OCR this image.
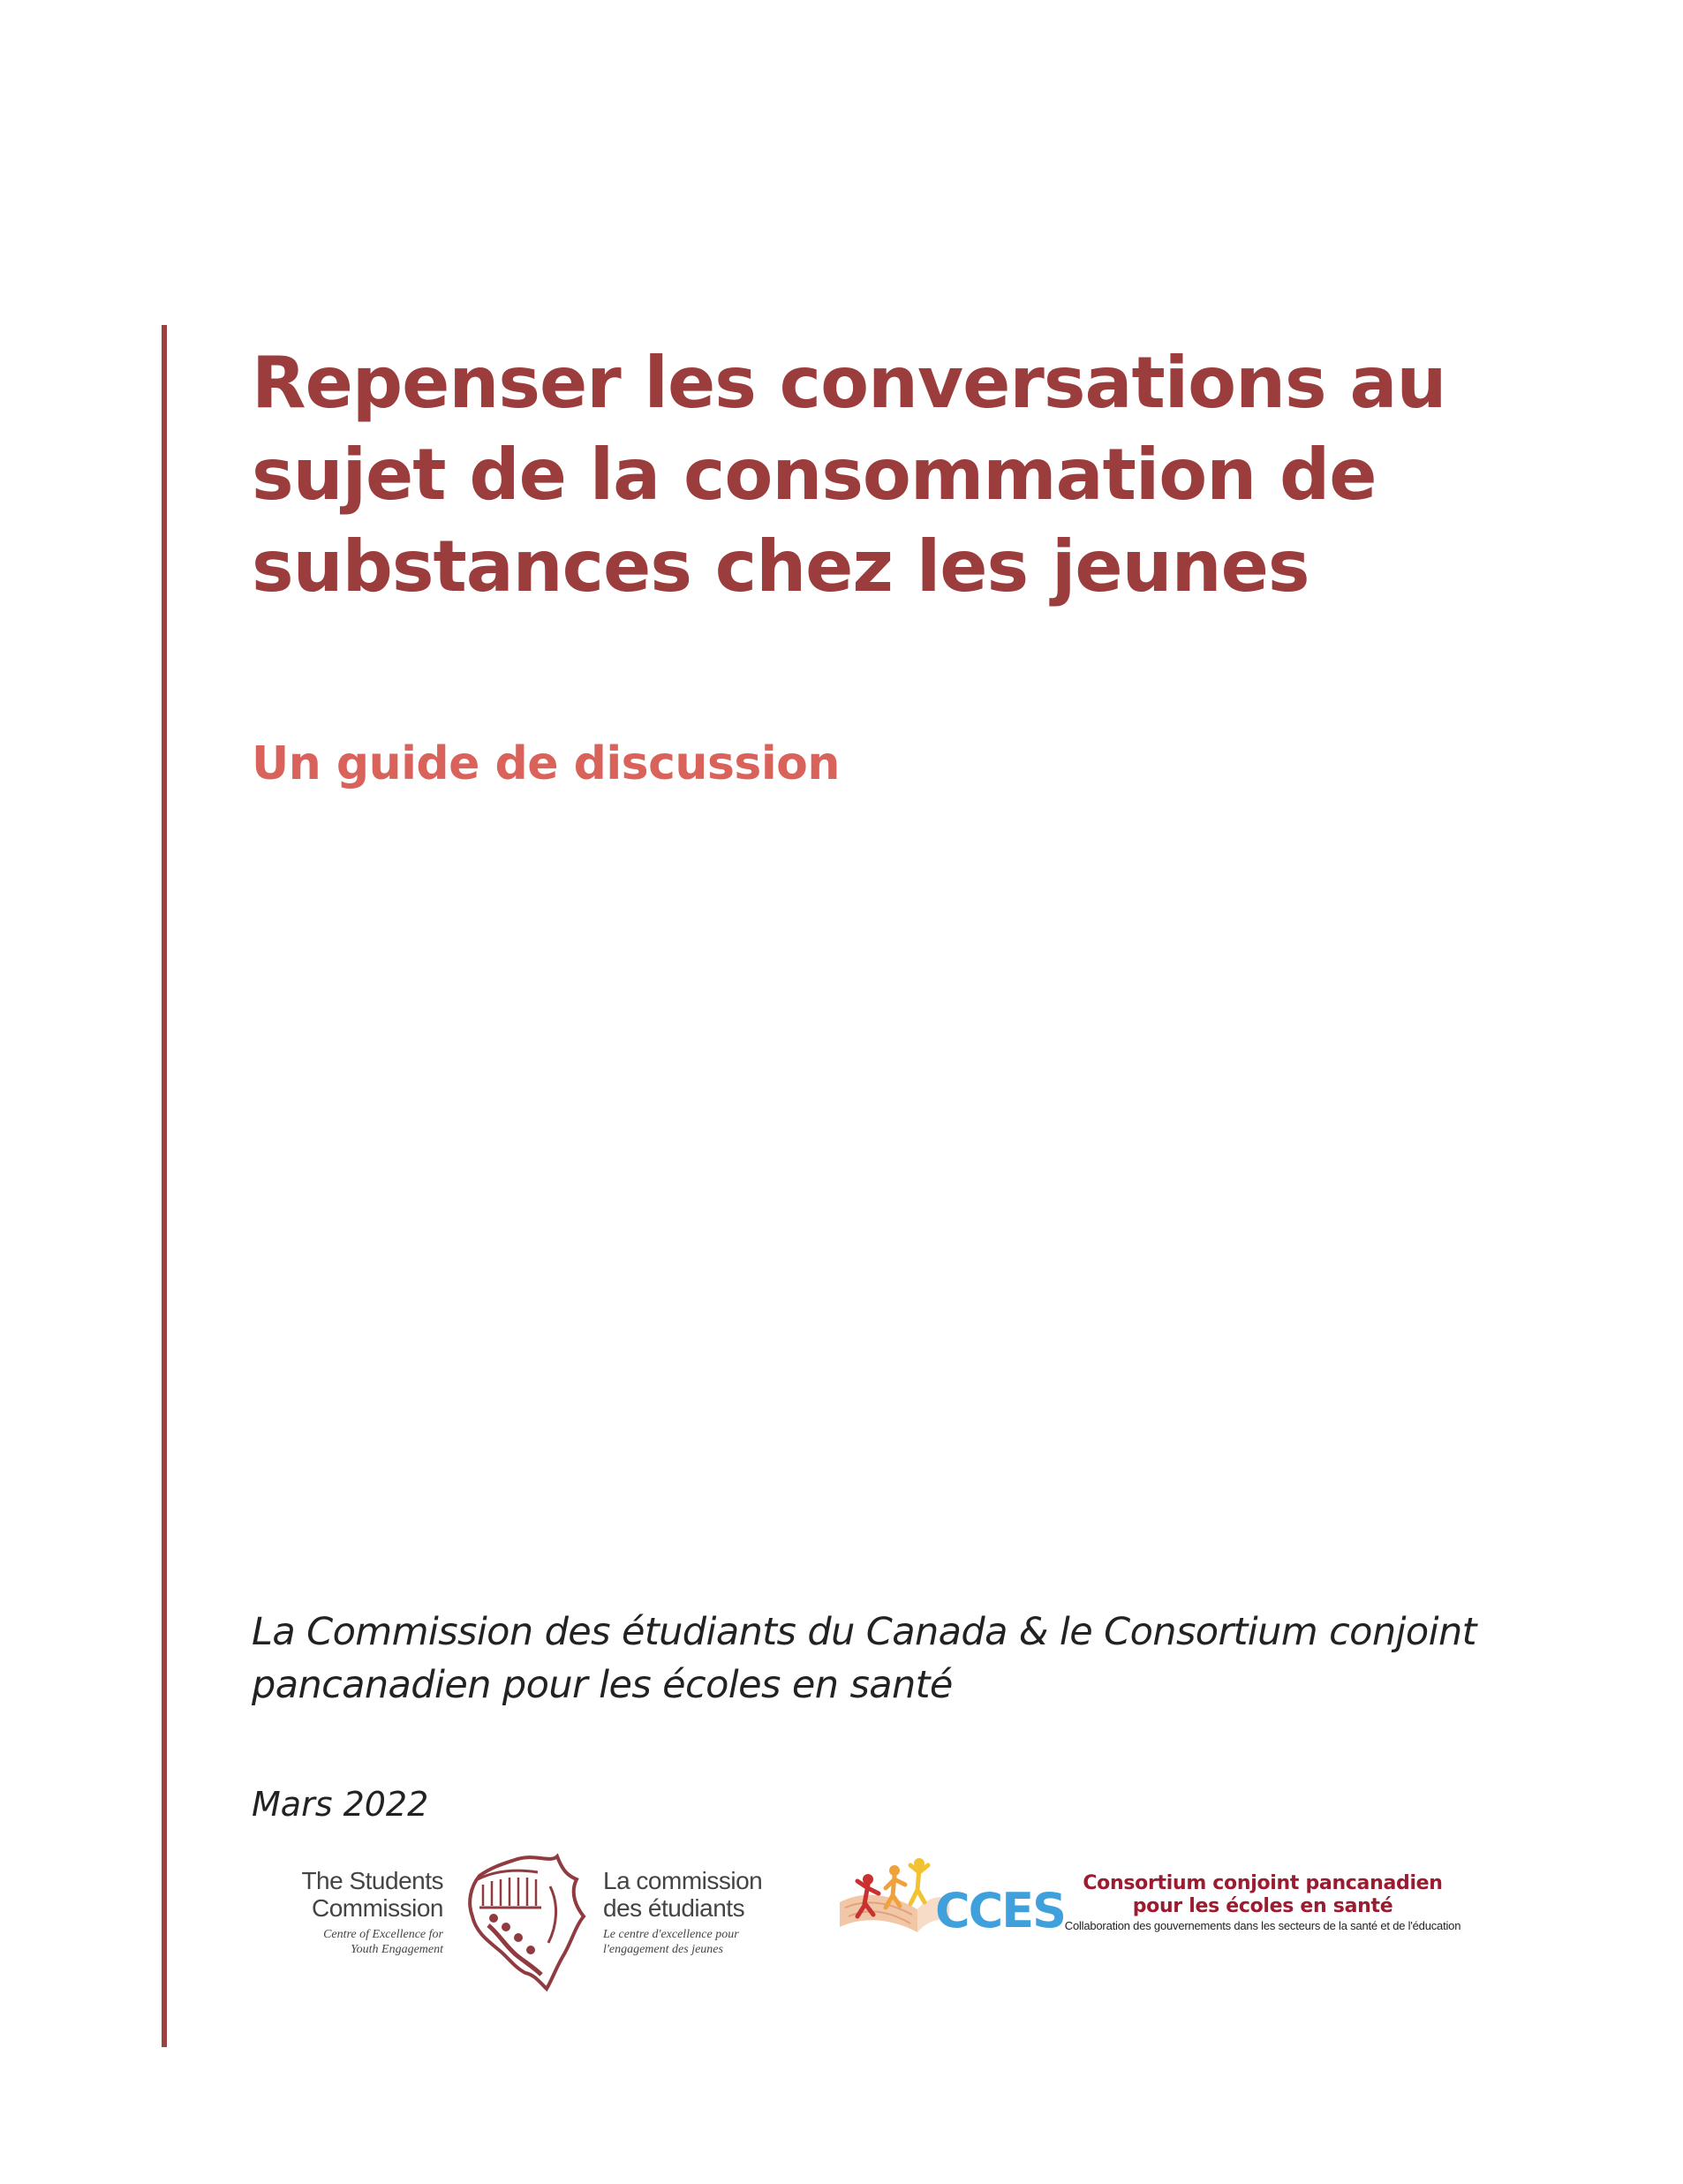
Repenser les conversations au
sujet de la consommation de
substances chez les jeunes
Un guide de discussion

La Commission des étudiants du Canada & le Consortium conjoint
pancanadien pour les écoles en santé

Mars 2022

The Students
Commission
Centre of Excellence for
Youth Engagement
La commission
des étudiants
Le centre d'excellence pour
l'engagement des jeunes
CCES Consortium conjoint pancanadien
pour les écoles en santé
Collaboration des gouvernements dans les secteurs de la santé et de l'éducation
